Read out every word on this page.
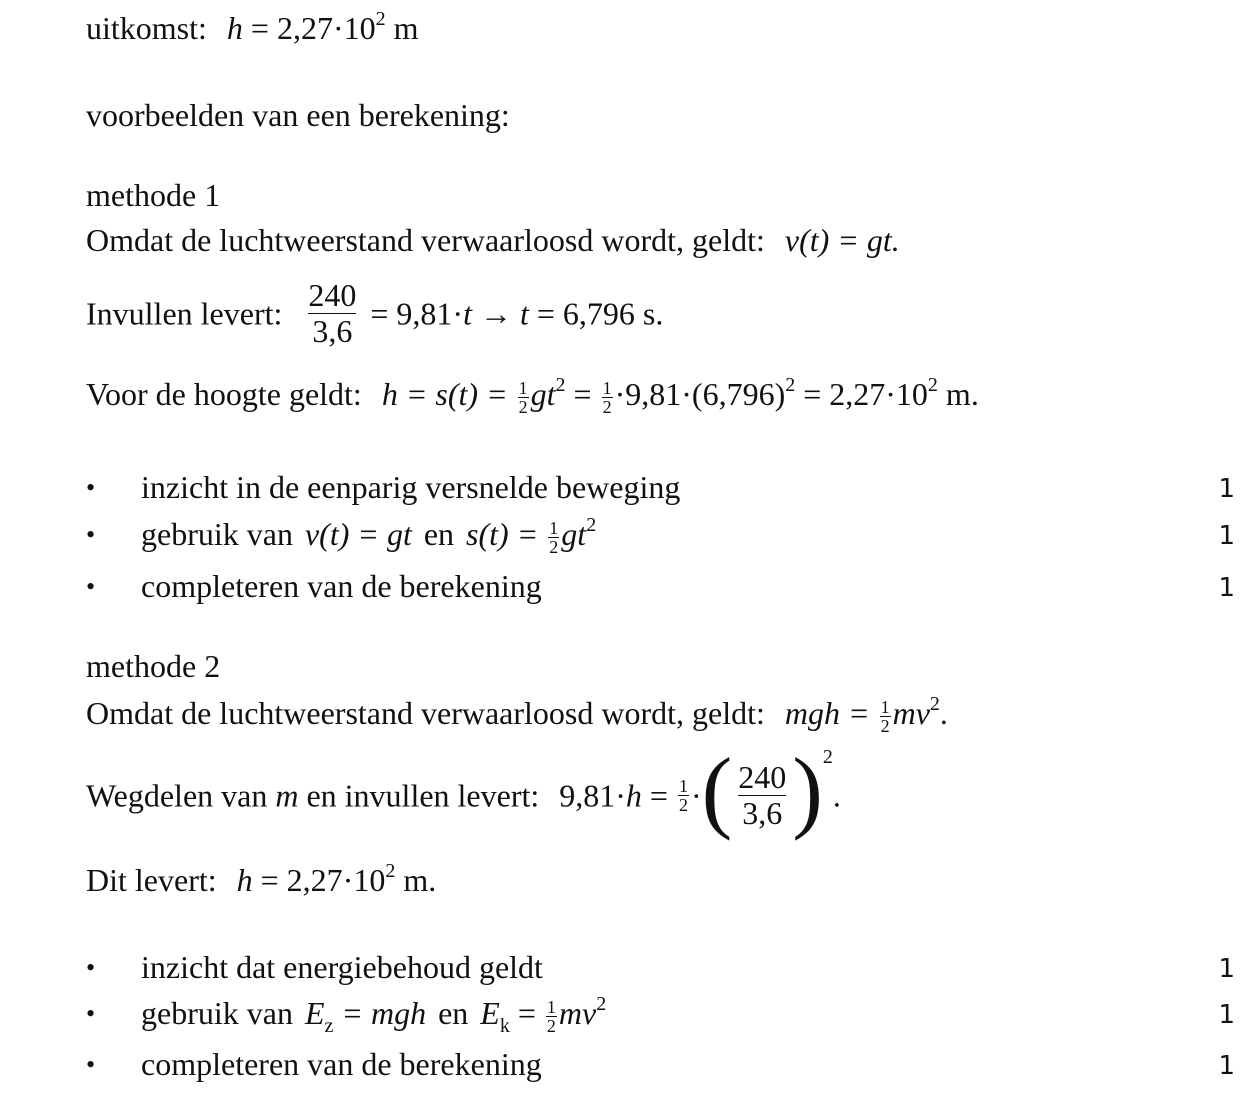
uitkomst: $h = 2,27\cdot 10^2$ m
voorbeelden van een berekening:
methode 1
Omdat de luchtweerstand verwaarloosd wordt, geldt: v(t) = gt.
Invullen levert: $\frac{240}{3,6} = 9,81\cdot t \to t = 6,796$ s.
Voor de hoogte geldt: $h = s(t) = \frac{1}{2} gt^2 = \frac{1}{2} \cdot 9,81\cdot(6,796)^2 = 2,27\cdot 10^2$ m.
• inzicht in de eenparig versnelde beweging	1
• gebruik van v(t) = gt en $s(t) = \frac{1}{2} gt^2$	1
• completeren van de berekening	1
methode 2
Omdat de luchtweerstand verwaarloosd wordt, geldt: mgh = $\frac{1}{2} mv^2$.
Wegdelen van m en invullen levert: $9,81\cdot h = \frac{1}{2}$ ·( $\frac{240}{3,6} )^2$.
Dit levert: $h = 2,27\cdot 10^2$ m.
• inzicht dat energiebehoud geldt	1
• gebruik van $E_z$ = mgh en $E_k = \frac{1}{2} mv^2$	1
• completeren van de berekening	1
